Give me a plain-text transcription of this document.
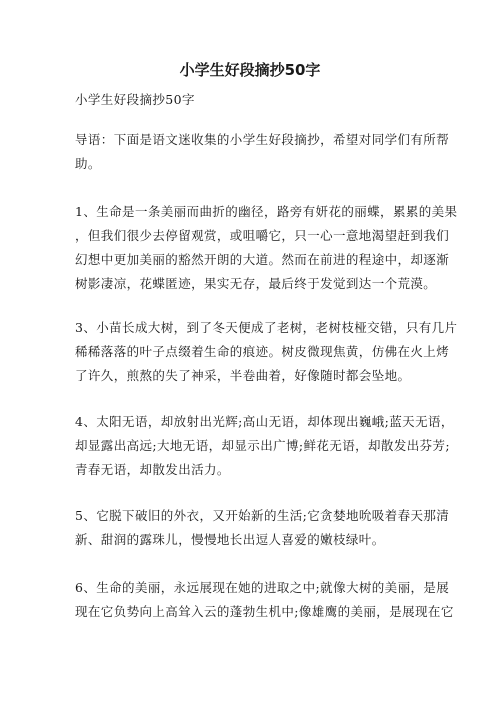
小学生好段摘抄50字

小学生好段摘抄50字

导语：下面是语文迷收集的小学生好段摘抄，希望对同学们有所帮
助。

1、生命是一条美丽而曲折的幽径，路旁有妍花的丽蝶，累累的美果
，但我们很少去停留观赏，或咀嚼它，只一心一意地渴望赶到我们
幻想中更加美丽的豁然开朗的大道。然而在前进的程途中，却逐渐
树影凄凉，花蝶匿迹，果实无存，最后终于发觉到达一个荒漠。

3、小苗长成大树，到了冬天便成了老树，老树枝桠交错，只有几片
稀稀落落的叶子点缀着生命的痕迹。树皮微现焦黄，仿佛在火上烤
了许久，煎熬的失了神采，半卷曲着，好像随时都会坠地。

4、太阳无语，却放射出光辉;高山无语，却体现出巍峨;蓝天无语，
却显露出高远;大地无语，却显示出广博;鲜花无语，却散发出芬芳;
青春无语，却散发出活力。

5、它脱下破旧的外衣，又开始新的生活;它贪婪地吮吸着春天那清
新、甜润的露珠儿，慢慢地长出逗人喜爱的嫩枝绿叶。

6、生命的美丽，永远展现在她的进取之中;就像大树的美丽，是展
现在它负势向上高耸入云的蓬勃生机中;像雄鹰的美丽，是展现在它
